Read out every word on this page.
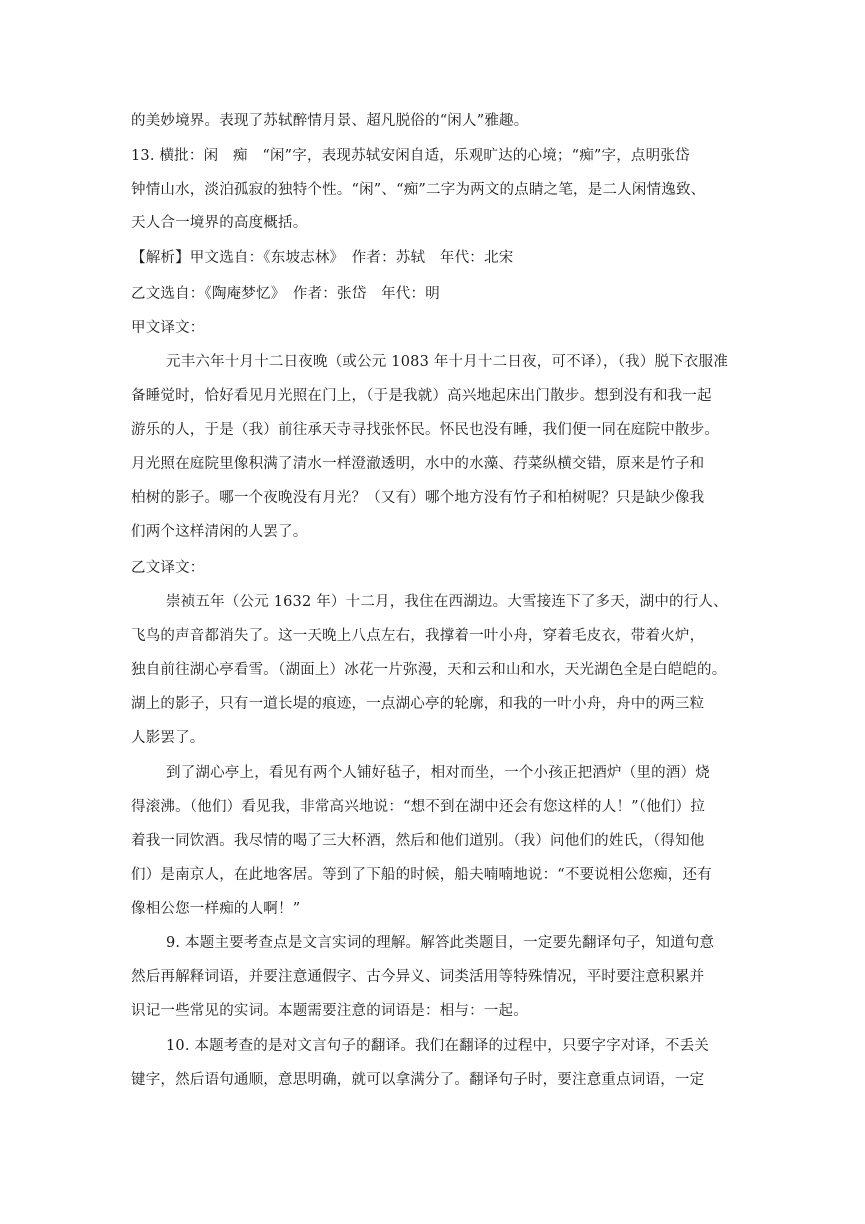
的美妙境界。表现了苏轼醉情月景、超凡脱俗的“闲人”雅趣。
13. 横批：闲　痴　“闲”字，表现苏轼安闲自适，乐观旷达的心境；“痴”字，点明张岱
钟情山水，淡泊孤寂的独特个性。“闲”、“痴”二字为两文的点睛之笔，是二人闲情逸致、
天人合一境界的高度概括。
【解析】甲文选自：《东坡志林》　作者：苏轼　年代：北宋
乙文选自：《陶庵梦忆》　作者：张岱　年代：明
甲文译文：
元丰六年十月十二日夜晚（或公元 1083 年十月十二日夜，可不译），（我）脱下衣服准
备睡觉时，恰好看见月光照在门上，（于是我就）高兴地起床出门散步。想到没有和我一起
游乐的人，于是（我）前往承天寺寻找张怀民。怀民也没有睡，我们便一同在庭院中散步。
月光照在庭院里像积满了清水一样澄澈透明，水中的水藻、荇菜纵横交错，原来是竹子和
柏树的影子。哪一个夜晚没有月光？（又有）哪个地方没有竹子和柏树呢？只是缺少像我
们两个这样清闲的人罢了。
乙文译文：
崇祯五年（公元 1632 年）十二月，我住在西湖边。大雪接连下了多天，湖中的行人、
飞鸟的声音都消失了。这一天晚上八点左右，我撑着一叶小舟，穿着毛皮衣，带着火炉，
独自前往湖心亭看雪。（湖面上）冰花一片弥漫，天和云和山和水，天光湖色全是白皑皑的。
湖上的影子，只有一道长堤的痕迹，一点湖心亭的轮廓，和我的一叶小舟，舟中的两三粒
人影罢了。
到了湖心亭上，看见有两个人铺好毡子，相对而坐，一个小孩正把酒炉（里的酒）烧
得滚沸。（他们）看见我，非常高兴地说：“想不到在湖中还会有您这样的人！”（他们）拉
着我一同饮酒。我尽情的喝了三大杯酒，然后和他们道别。（我）问他们的姓氏，（得知他
们）是南京人，在此地客居。等到了下船的时候，船夫喃喃地说：“不要说相公您痴，还有
像相公您一样痴的人啊！”
9. 本题主要考查点是文言实词的理解。解答此类题目，一定要先翻译句子，知道句意
然后再解释词语，并要注意通假字、古今异义、词类活用等特殊情况，平时要注意积累并
识记一些常见的实词。本题需要注意的词语是：相与：一起。
10. 本题考查的是对文言句子的翻译。我们在翻译的过程中，只要字字对译，不丢关
键字，然后语句通顺，意思明确，就可以拿满分了。翻译句子时，要注意重点词语，一定
